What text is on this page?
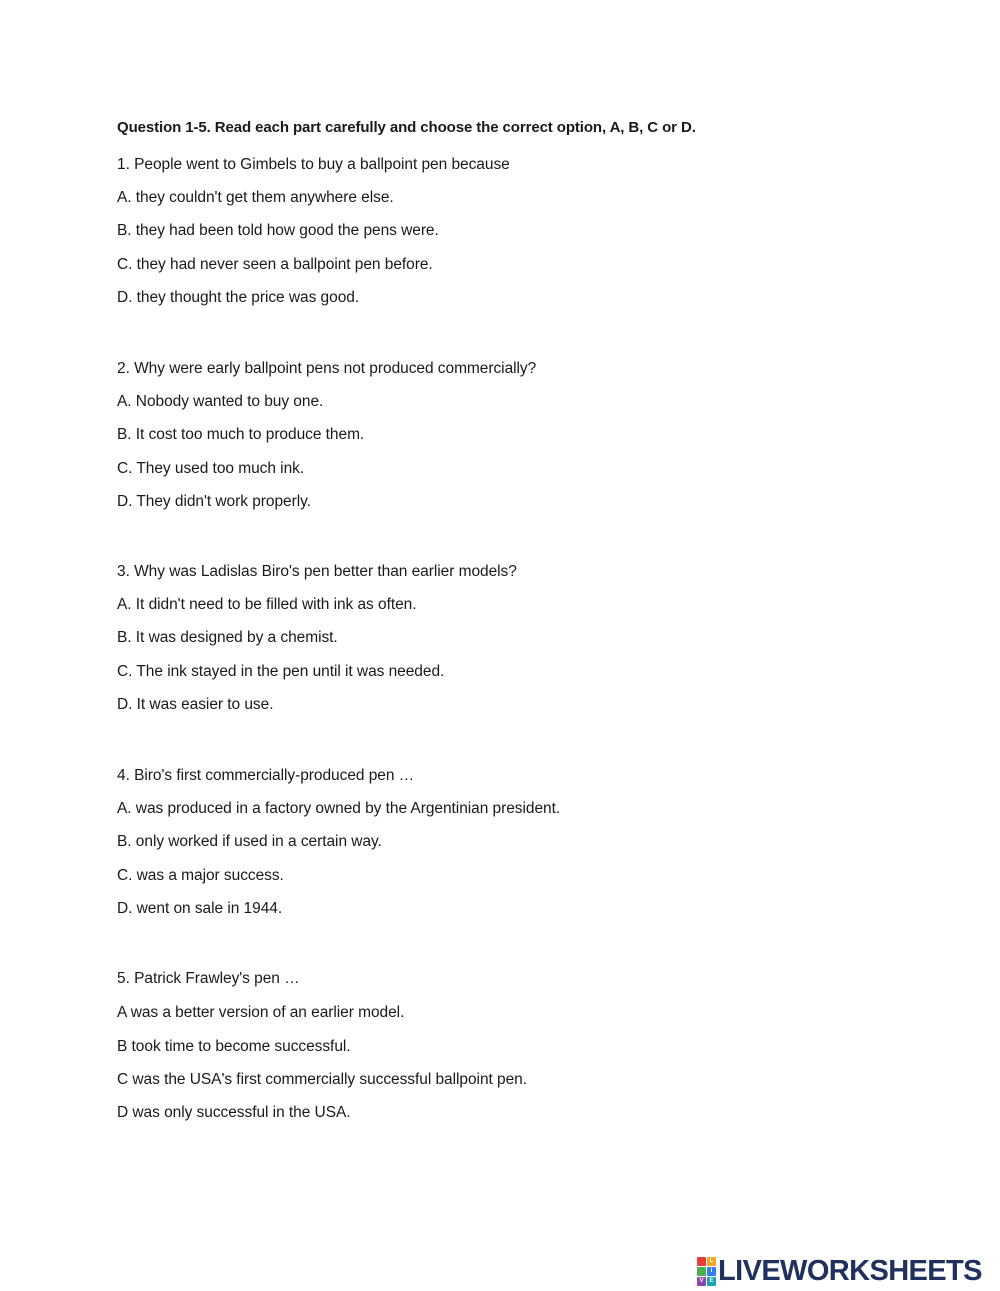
Question 1-5. Read each part carefully and choose the correct option, A, B, C or D.
1. People went to Gimbels to buy a ballpoint pen because
A. they couldn't get them anywhere else.
B. they had been told how good the pens were.
C. they had never seen a ballpoint pen before.
D. they thought the price was good.
2. Why were early ballpoint pens not produced commercially?
A. Nobody wanted to buy one.
B. It cost too much to produce them.
C. They used too much ink.
D. They didn't work properly.
3. Why was Ladislas Biro's pen better than earlier models?
A. It didn't need to be filled with ink as often.
B. It was designed by a chemist.
C. The ink stayed in the pen until it was needed.
D. It was easier to use.
4. Biro's first commercially-produced pen …
A. was produced in a factory owned by the Argentinian president.
B. only worked if used in a certain way.
C. was a major success.
D. went on sale in 1944.
5. Patrick Frawley's pen …
A was a better version of an earlier model.
B took time to become successful.
C was the USA's first commercially successful ballpoint pen.
D was only successful in the USA.
L
I
V E LIVEWORKSHEETS
